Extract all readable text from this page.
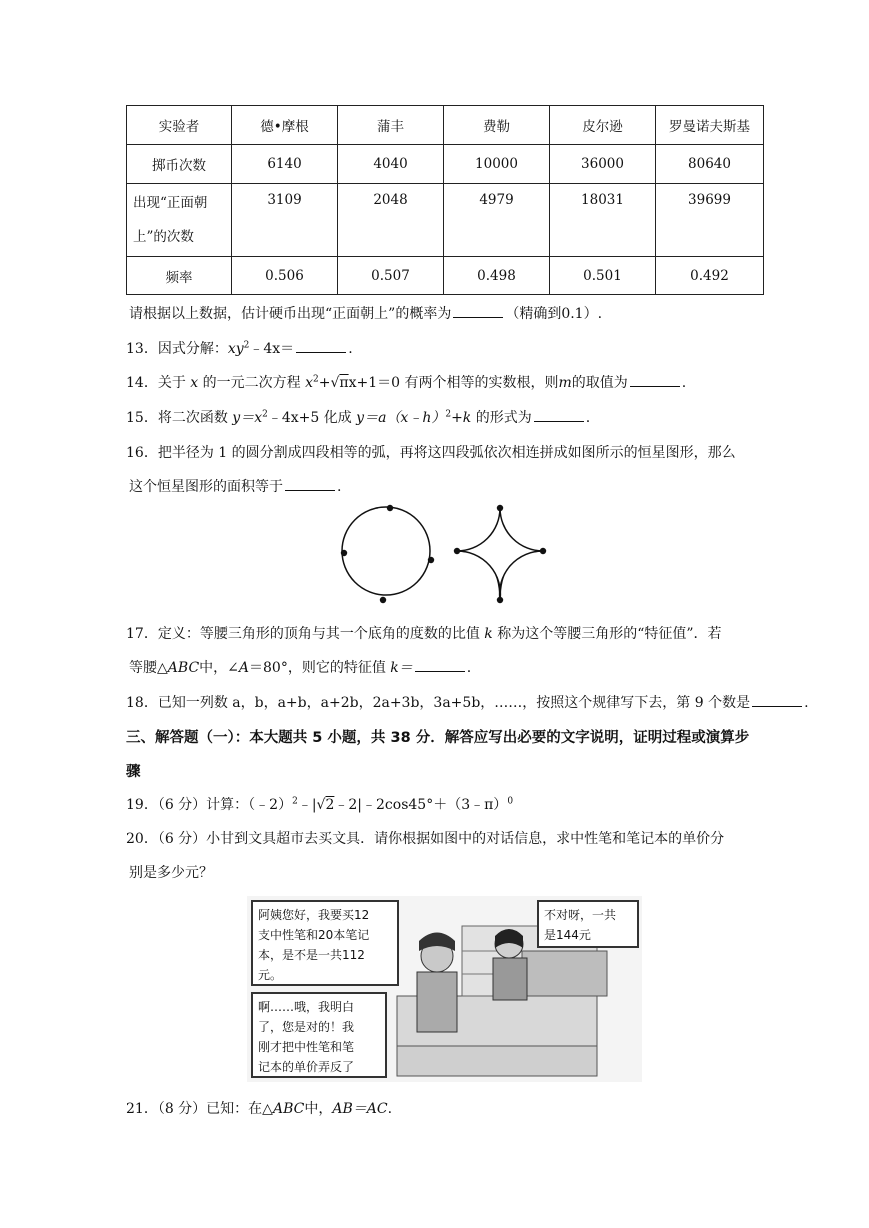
实验者	德•摩根	蒲丰	费勒	皮尔逊	罗曼诺夫斯基
掷币次数	6140	4040	10000	36000	80640
出现“正面朝
上”的次数	3109	2048	4979	18031	39699
频率	0.506	0.507	0.498	0.501	0.492
请根据以上数据，估计硬币出现“正面朝上”的概率为	（精确到0.1）.
13．因式分解：$xy^2﹣4x=$	.
14．关于 x 的一元二次方程 $x^2+√\pi x+1=0$ 有两个相等的实数根，则m的取值为	.
15．将二次函数 $y=x^2﹣4x+5$ 化成 y＝a（x﹣h）$^2$+k 的形式为	.
16．把半径为 1 的圆分割成四段相等的弧，再将这四段弧依次相连拼成如图所示的恒星图形，那么
这个恒星图形的面积等于	.
17．定义：等腰三角形的顶角与其一个底角的度数的比值 k 称为这个等腰三角形的“特征值”．若
等腰△ABC中，∠A＝80°，则它的特征值 k＝	.
18．已知一列数 a，b，a+b，a+2b，2a+3b，3a+5b，……，按照这个规律写下去，第 9 个数是	.
三、解答题（一）：本大题共 5 小题，共 38 分．解答应写出必要的文字说明，证明过程或演算步
骤
19．（6 分）计算：（﹣2）$^2$﹣|√2﹣2|﹣2cos45°＋（3﹣π）$^0$
20．（6 分）小甘到文具超市去买文具．请你根据如图中的对话信息，求中性笔和笔记本的单价分
别是多少元？
阿姨您好，我要买12
支中性笔和20本笔记
本，是不是一共112
元。
不对呀，一共
是144元
啊……哦，我明白
了，您是对的！我
刚才把中性笔和笔
记本的单价弄反了
21．（8 分）已知：在△ABC中，AB＝AC.
